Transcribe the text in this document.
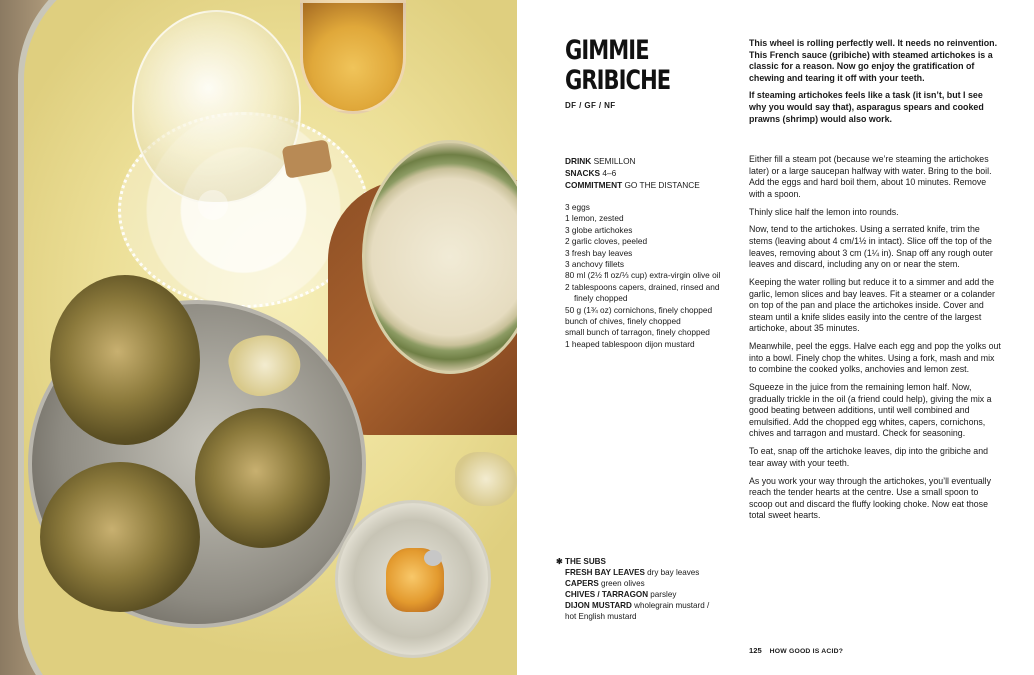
GIMMIE
GRIBICHE
DF / GF / NF
DRINK SEMILLON
SNACKS 4–6
COMMITMENT GO THE DISTANCE
3 eggs
1 lemon, zested
3 globe artichokes
2 garlic cloves, peeled
3 fresh bay leaves
3 anchovy fillets
80 ml (2½ fl oz/⅓ cup) extra-virgin olive oil
2 tablespoons capers, drained, rinsed and finely chopped
50 g (1¾ oz) cornichons, finely chopped
bunch of chives, finely chopped
small bunch of tarragon, finely chopped
1 heaped tablespoon dijon mustard

This wheel is rolling perfectly well. It needs no reinvention. This French sauce (gribiche) with steamed artichokes is a classic for a reason. Now go enjoy the gratification of chewing and tearing it off with your teeth.

If steaming artichokes feels like a task (it isn’t, but I see why you would say that), asparagus spears and cooked prawns (shrimp) would also work.

Either fill a steam pot (because we’re steaming the artichokes later) or a large saucepan halfway with water. Bring to the boil. Add the eggs and hard boil them, about 10 minutes. Remove with a spoon.

Thinly slice half the lemon into rounds.

Now, tend to the artichokes. Using a serrated knife, trim the stems (leaving about 4 cm/1½ in intact). Slice off the top of the leaves, removing about 3 cm (1¼ in). Snap off any rough outer leaves and discard, including any on or near the stem.

Keeping the water rolling but reduce it to a simmer and add the garlic, lemon slices and bay leaves. Fit a steamer or a colander on top of the pan and place the artichokes inside. Cover and steam until a knife slides easily into the centre of the largest artichoke, about 35 minutes.

Meanwhile, peel the eggs. Halve each egg and pop the yolks out into a bowl. Finely chop the whites. Using a fork, mash and mix to combine the cooked yolks, anchovies and lemon zest.

Squeeze in the juice from the remaining lemon half. Now, gradually trickle in the oil (a friend could help), giving the mix a good beating between additions, until well combined and emulsified. Add the chopped egg whites, capers, cornichons, chives and tarragon and mustard. Check for seasoning.

To eat, snap off the artichoke leaves, dip into the gribiche and tear away with your teeth.

As you work your way through the artichokes, you’ll eventually reach the tender hearts at the centre. Use a small spoon to scoop out and discard the fluffy looking choke. Now eat those total sweet hearts.

✱ THE SUBS
FRESH BAY LEAVES dry bay leaves
CAPERS green olives
CHIVES / TARRAGON parsley
DIJON MUSTARD wholegrain mustard /
hot English mustard
125 HOW GOOD IS ACID?
